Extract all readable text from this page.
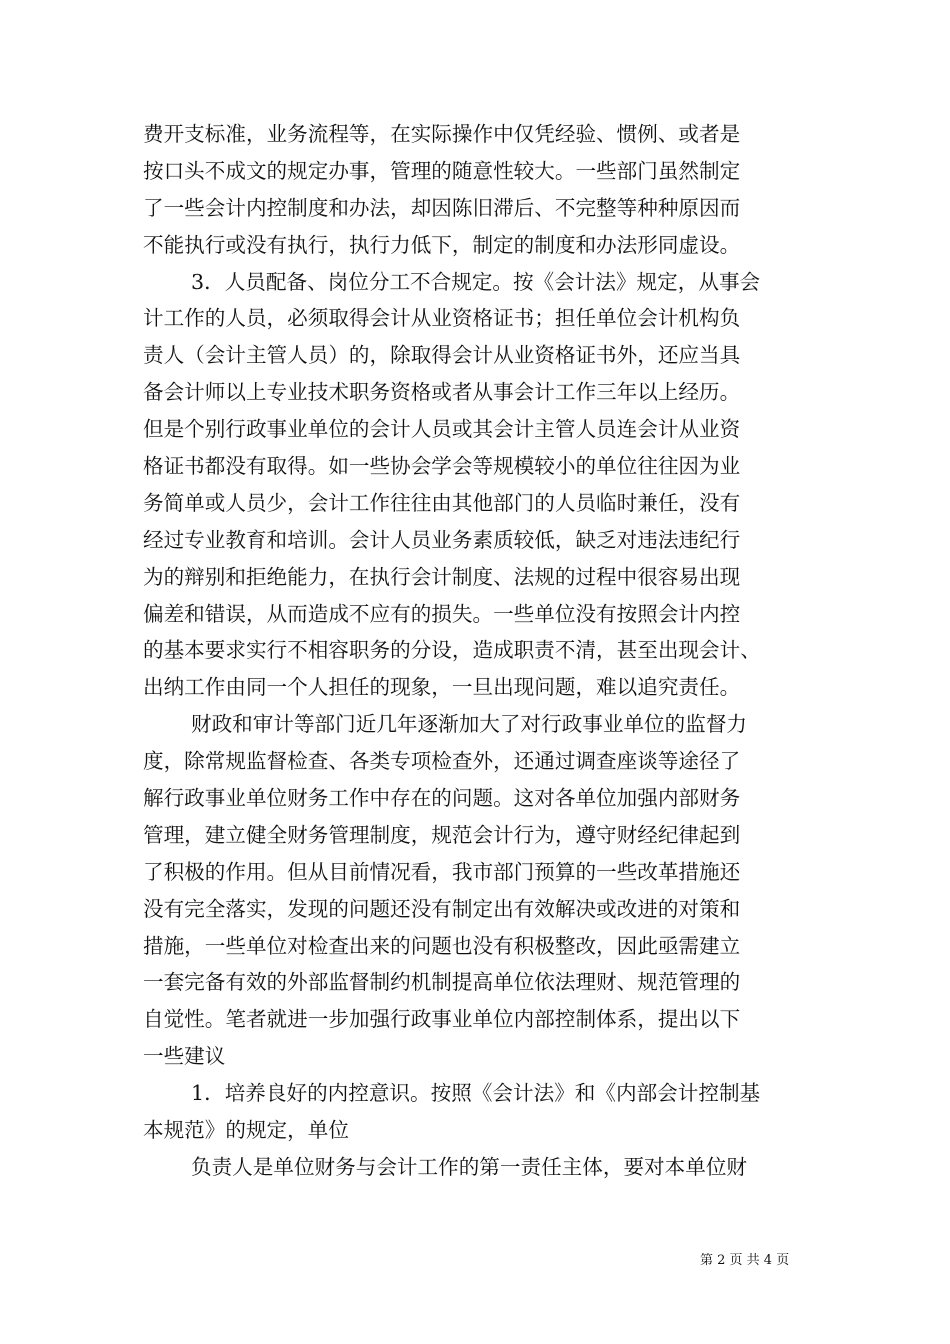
费开支标准，业务流程等，在实际操作中仅凭经验、惯例、或者是
按口头不成文的规定办事，管理的随意性较大。一些部门虽然制定
了一些会计内控制度和办法，却因陈旧滞后、不完整等种种原因而
不能执行或没有执行，执行力低下，制定的制度和办法形同虚设。
3．人员配备、岗位分工不合规定。按《会计法》规定，从事会
计工作的人员，必须取得会计从业资格证书；担任单位会计机构负
责人（会计主管人员）的，除取得会计从业资格证书外，还应当具
备会计师以上专业技术职务资格或者从事会计工作三年以上经历。
但是个别行政事业单位的会计人员或其会计主管人员连会计从业资
格证书都没有取得。如一些协会学会等规模较小的单位往往因为业
务简单或人员少，会计工作往往由其他部门的人员临时兼任，没有
经过专业教育和培训。会计人员业务素质较低，缺乏对违法违纪行
为的辩别和拒绝能力，在执行会计制度、法规的过程中很容易出现
偏差和错误，从而造成不应有的损失。一些单位没有按照会计内控
的基本要求实行不相容职务的分设，造成职责不清，甚至出现会计、
出纳工作由同一个人担任的现象，一旦出现问题，难以追究责任。
财政和审计等部门近几年逐渐加大了对行政事业单位的监督力
度，除常规监督检查、各类专项检查外，还通过调查座谈等途径了
解行政事业单位财务工作中存在的问题。这对各单位加强内部财务
管理，建立健全财务管理制度，规范会计行为，遵守财经纪律起到
了积极的作用。但从目前情况看，我市部门预算的一些改革措施还
没有完全落实，发现的问题还没有制定出有效解决或改进的对策和
措施，一些单位对检查出来的问题也没有积极整改，因此亟需建立
一套完备有效的外部监督制约机制提高单位依法理财、规范管理的
自觉性。笔者就进一步加强行政事业单位内部控制体系，提出以下
一些建议
1．培养良好的内控意识。按照《会计法》和《内部会计控制基
本规范》的规定，单位
负责人是单位财务与会计工作的第一责任主体，要对本单位财
第 2 页 共 4 页
